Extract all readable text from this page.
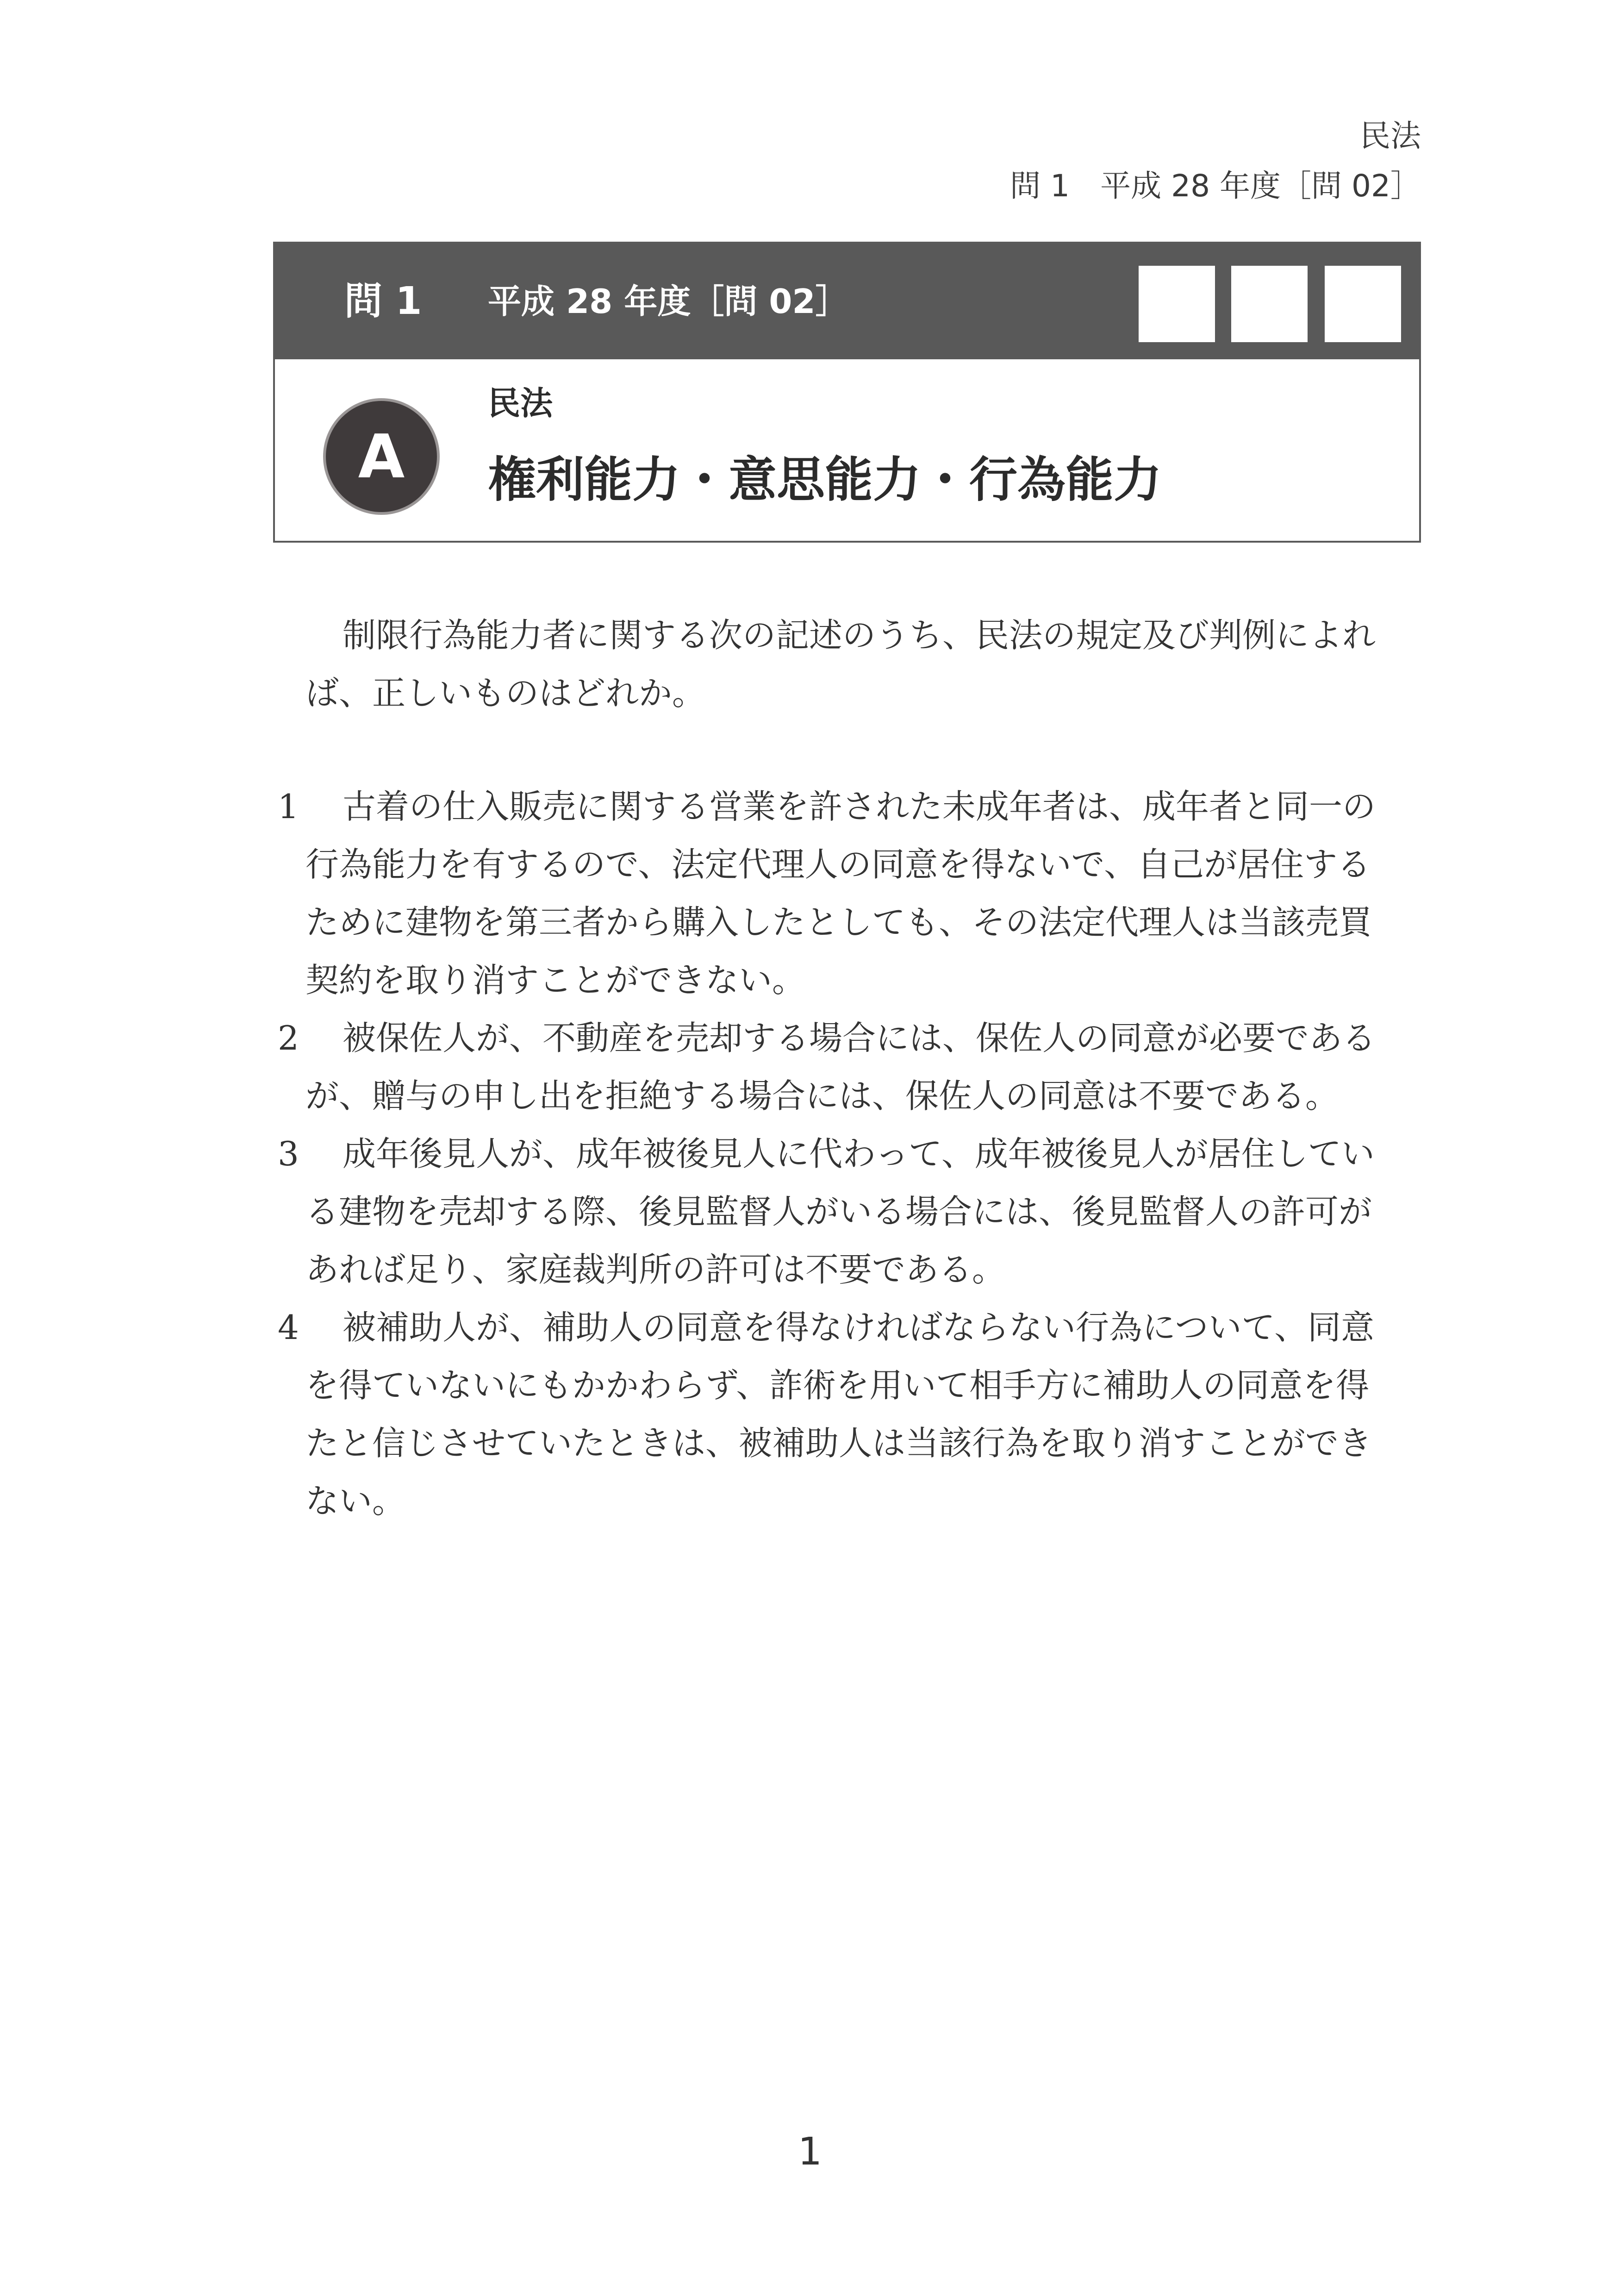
民法
問 1　平成 28 年度［問 02］
問 1 平成 28 年度［問 02］
A
民法
権利能力・意思能力・行為能力
制限行為能力者に関する次の記述のうち、民法の規定及び判例によれ
ば、正しいものはどれか。
1	古着の仕入販売に関する営業を許された未成年者は、成年者と同一の
行為能力を有するので、法定代理人の同意を得ないで、自己が居住する
ために建物を第三者から購入したとしても、その法定代理人は当該売買
契約を取り消すことができない。
2	被保佐人が、不動産を売却する場合には、保佐人の同意が必要である
が、贈与の申し出を拒絶する場合には、保佐人の同意は不要である。
3	成年後見人が、成年被後見人に代わって、成年被後見人が居住してい
る建物を売却する際、後見監督人がいる場合には、後見監督人の許可が
あれば足り、家庭裁判所の許可は不要である。
4	被補助人が、補助人の同意を得なければならない行為について、同意
を得ていないにもかかわらず、詐術を用いて相手方に補助人の同意を得
たと信じさせていたときは、被補助人は当該行為を取り消すことができ
ない。
1
